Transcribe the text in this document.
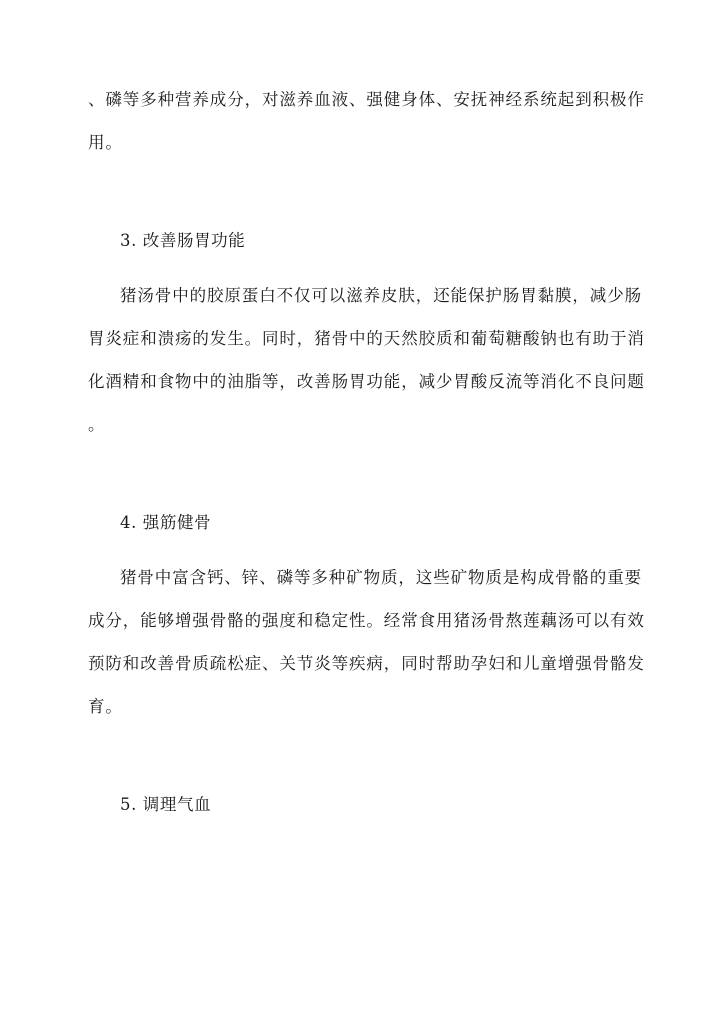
、磷等多种营养成分，对滋养血液、强健身体、安抚神经系统起到积极作
用。
3. 改善肠胃功能
猪汤骨中的胶原蛋白不仅可以滋养皮肤，还能保护肠胃黏膜，减少肠
胃炎症和溃疡的发生。同时，猪骨中的天然胶质和葡萄糖酸钠也有助于消
化酒精和食物中的油脂等，改善肠胃功能，减少胃酸反流等消化不良问题
。
4. 强筋健骨
猪骨中富含钙、锌、磷等多种矿物质，这些矿物质是构成骨骼的重要
成分，能够增强骨骼的强度和稳定性。经常食用猪汤骨熬莲藕汤可以有效
预防和改善骨质疏松症、关节炎等疾病，同时帮助孕妇和儿童增强骨骼发
育。
5. 调理气血
